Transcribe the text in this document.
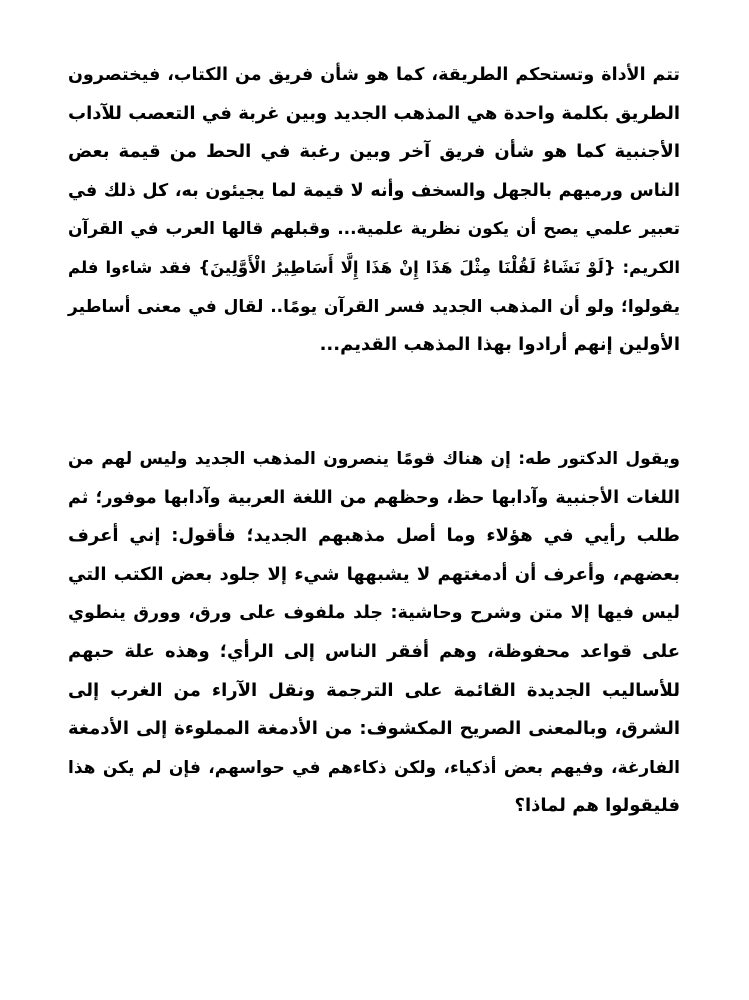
تتم الأداة وتستحكم الطريقة، كما هو شأن فريق من الكتاب، فيختصرون
الطريق بكلمة واحدة هي المذهب الجديد وبين غربة في التعصب للآداب
الأجنبية كما هو شأن فريق آخر وبين رغبة في الحط من قيمة بعض
الناس ورميهم بالجهل والسخف وأنه لا قيمة لما يجيئون به، كل ذلك في
تعبير علمي يصح أن يكون نظرية علمية... وقبلهم قالها العرب في القرآن
الكريم: {لَوْ نَشَاءُ لَقُلْنَا مِثْلَ هَذَا إِنْ هَذَا إِلَّا أَسَاطِيرُ الْأَوَّلِينَ} فقد شاءوا فلم
يقولوا؛ ولو أن المذهب الجديد فسر القرآن يومًا.. لقال في معنى أساطير
الأولين إنهم أرادوا بهذا المذهب القديم...
ويقول الدكتور طه: إن هناك قومًا ينصرون المذهب الجديد وليس لهم من
اللغات الأجنبية وآدابها حظ، وحظهم من اللغة العربية وآدابها موفور؛ ثم
طلب رأيي في هؤلاء وما أصل مذهبهم الجديد؛ فأقول: إني أعرف
بعضهم، وأعرف أن أدمغتهم لا يشبهها شيء إلا جلود بعض الكتب التي
ليس فيها إلا متن وشرح وحاشية: جلد ملفوف على ورق، وورق ينطوي
على قواعد محفوظة، وهم أفقر الناس إلى الرأي؛ وهذه علة حبهم
للأساليب الجديدة القائمة على الترجمة ونقل الآراء من الغرب إلى
الشرق، وبالمعنى الصريح المكشوف: من الأدمغة المملوءة إلى الأدمغة
الفارغة، وفيهم بعض أذكياء، ولكن ذكاءهم في حواسهم، فإن لم يكن هذا
فليقولوا هم لماذا؟
